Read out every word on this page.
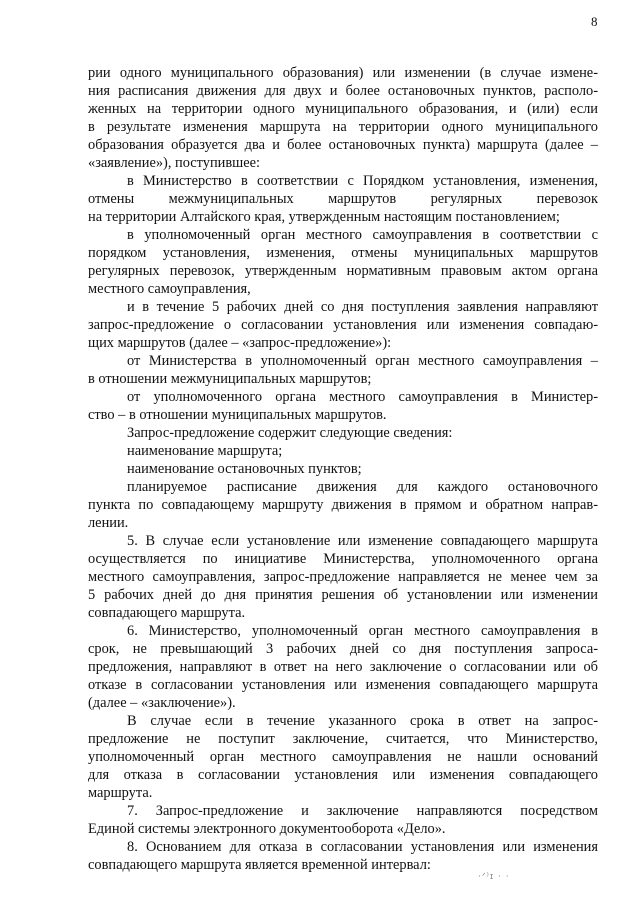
8
рии одного муниципального образования) или изменении (в случае измене-
ния расписания движения для двух и более остановочных пунктов, располо-
женных на территории одного муниципального образования, и (или) если
в результате изменения маршрута на территории одного муниципального
образования образуется два и более остановочных пункта) маршрута (далее –
«заявление»), поступившее:
в Министерство в соответствии с Порядком установления, изменения,
отмены межмуниципальных маршрутов регулярных перевозок
на территории Алтайского края, утвержденным настоящим постановлением;
в уполномоченный орган местного самоуправления в соответствии с
порядком установления, изменения, отмены муниципальных маршрутов
регулярных перевозок, утвержденным нормативным правовым актом органа
местного самоуправления,
и в течение 5 рабочих дней со дня поступления заявления направляют
запрос-предложение о согласовании установления или изменения совпадаю-
щих маршрутов (далее – «запрос-предложение»):
от Министерства в уполномоченный орган местного самоуправления –
в отношении межмуниципальных маршрутов;
от уполномоченного органа местного самоуправления в Министер-
ство – в отношении муниципальных маршрутов.
Запрос-предложение содержит следующие сведения:
наименование маршрута;
наименование остановочных пунктов;
планируемое расписание движения для каждого остановочного
пункта по совпадающему маршруту движения в прямом и обратном направ-
лении.
5. В случае если установление или изменение совпадающего маршрута
осуществляется по инициативе Министерства, уполномоченного органа
местного самоуправления, запрос-предложение направляется не менее чем за
5 рабочих дней до дня принятия решения об установлении или изменении
совпадающего маршрута.
6. Министерство, уполномоченный орган местного самоуправления в
срок, не превышающий 3 рабочих дней со дня поступления запроса-
предложения, направляют в ответ на него заключение о согласовании или об
отказе в согласовании установления или изменения совпадающего маршрута
(далее – «заключение»).
В случае если в течение указанного срока в ответ на запрос-
предложение не поступит заключение, считается, что Министерство,
уполномоченный орган местного самоуправления не нашли оснований
для отказа в согласовании установления или изменения совпадающего
маршрута.
7. Запрос-предложение и заключение направляются посредством
Единой системы электронного документооборота «Дело».
8. Основанием для отказа в согласовании установления или изменения
совпадающего маршрута является временной интервал:
·ᐟ⁾ɪ · ·
